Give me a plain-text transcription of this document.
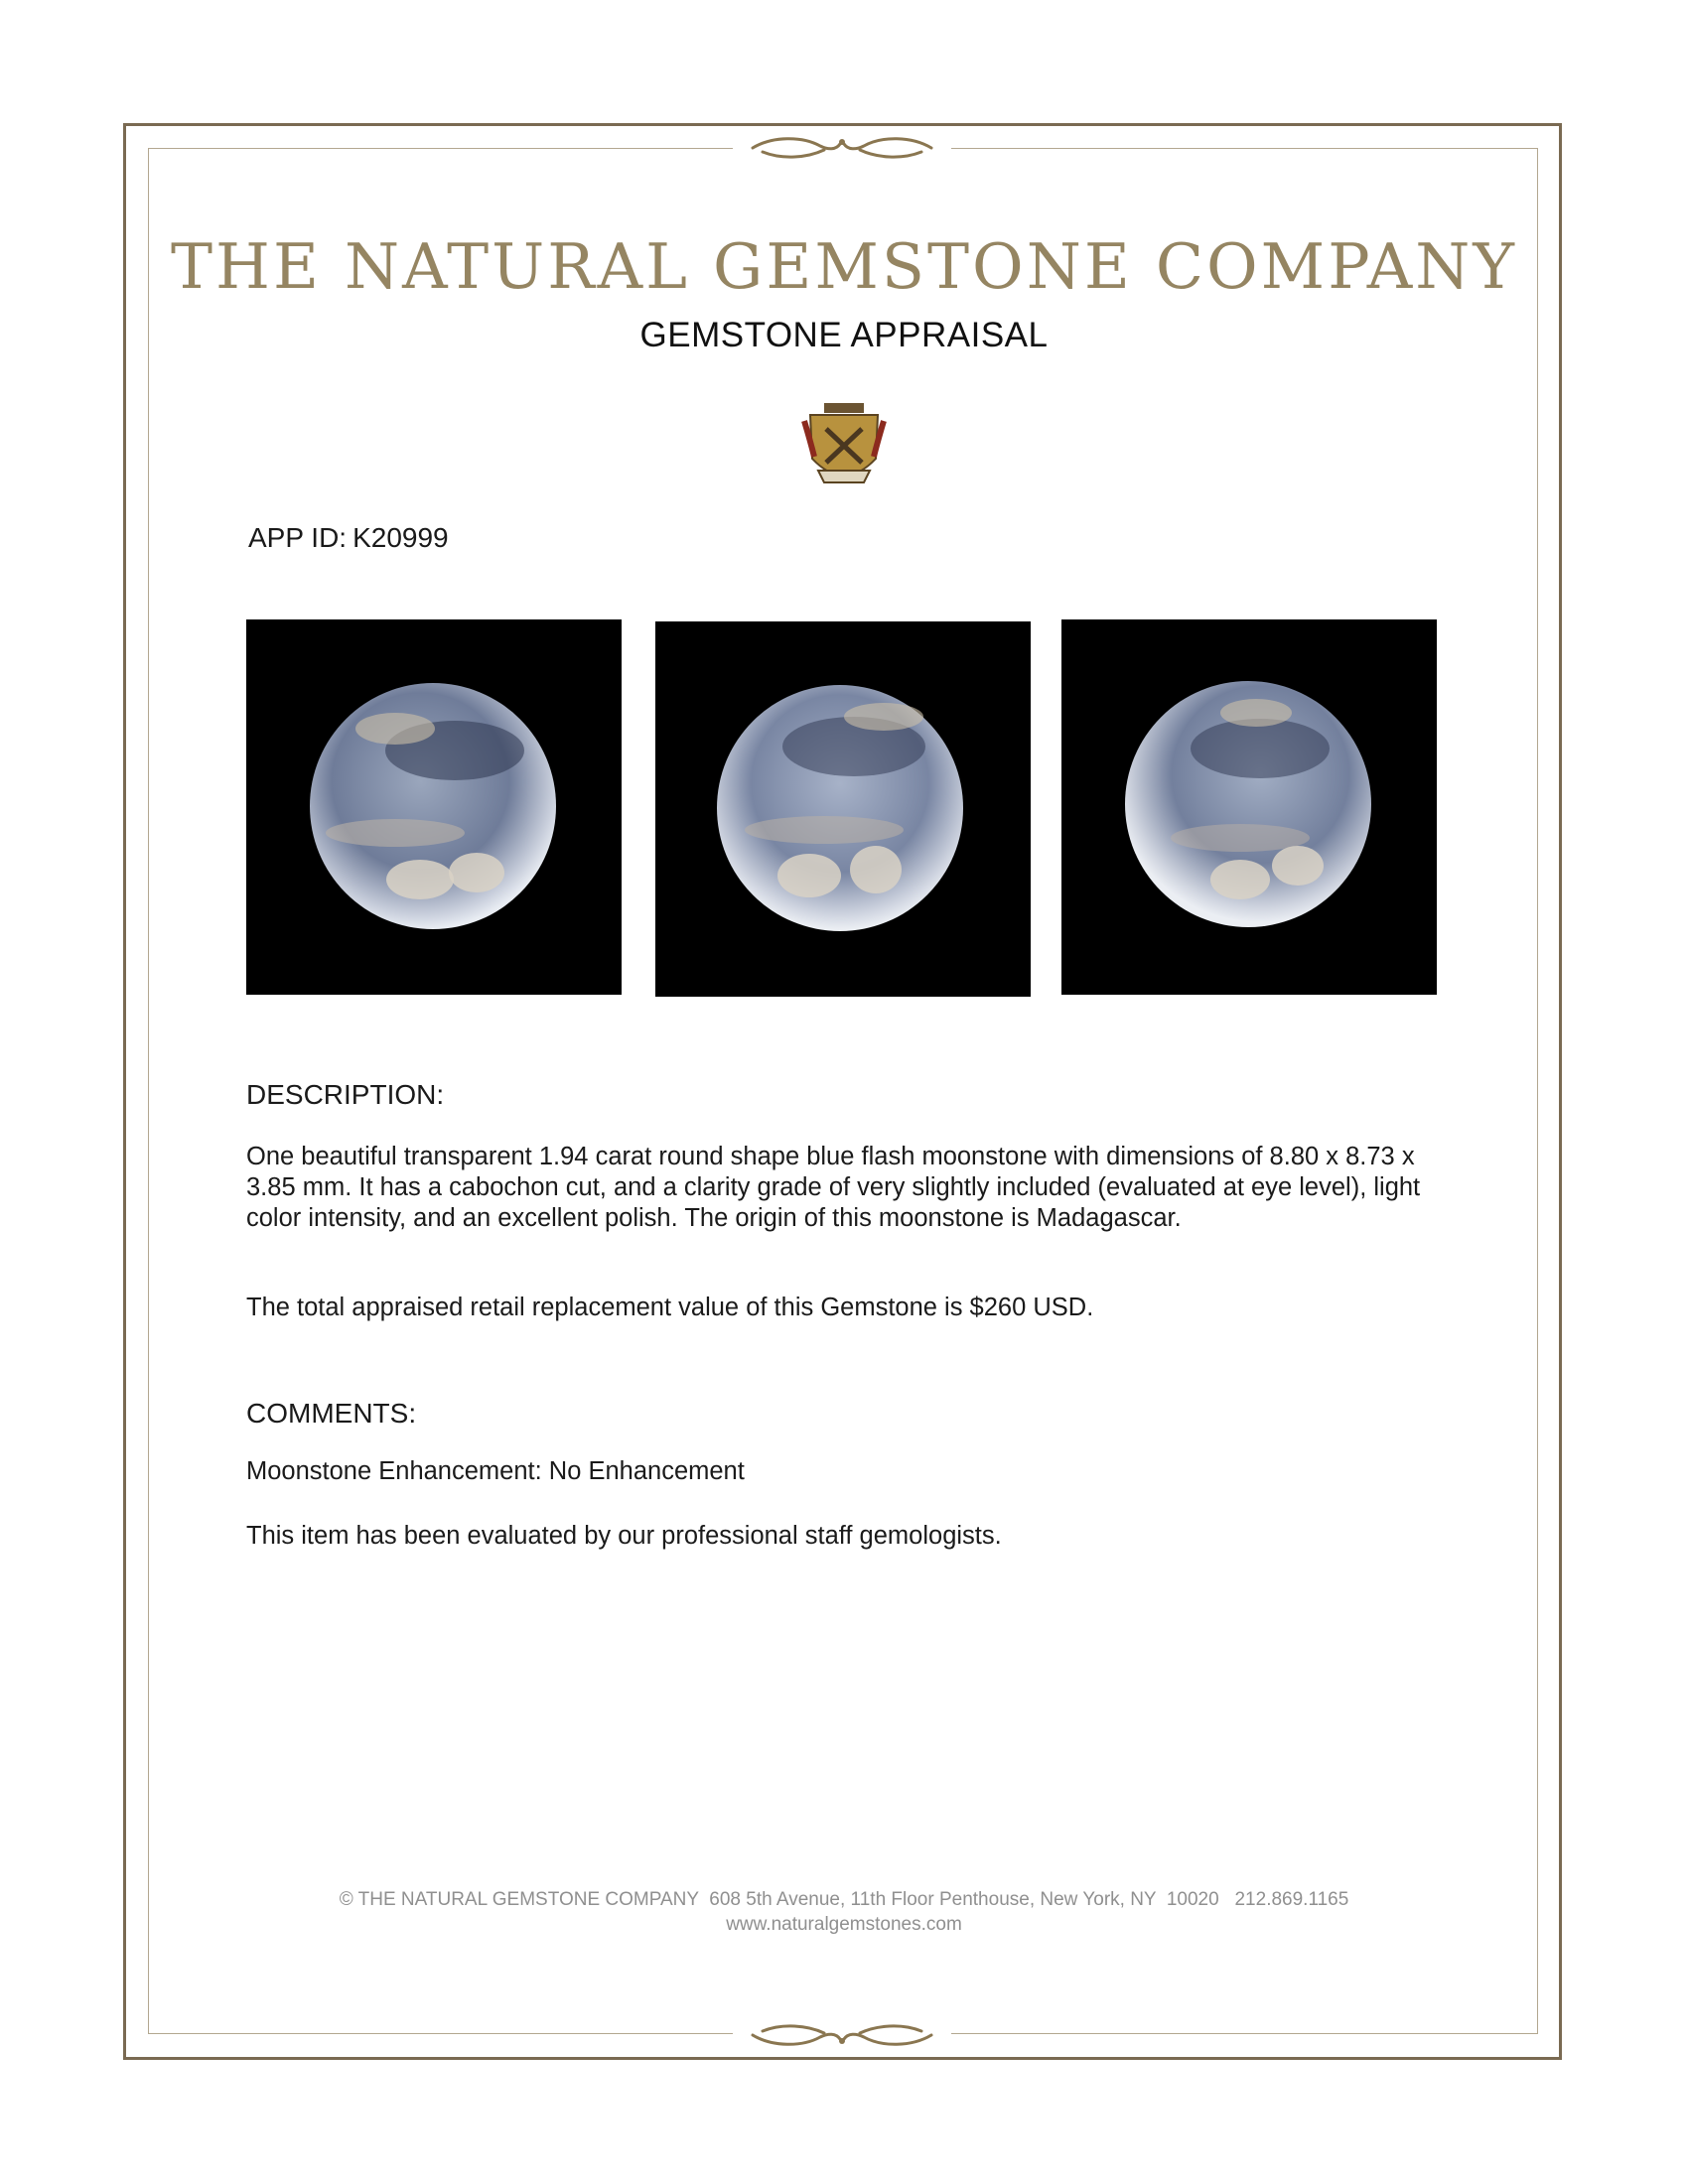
THE NATURAL GEMSTONE COMPANY
GEMSTONE APPRAISAL
APP ID: K20999
DESCRIPTION:
One beautiful transparent 1.94 carat round shape blue flash moonstone with dimensions of 8.80 x 8.73 x 3.85 mm. It has a cabochon cut, and a clarity grade of very slightly included (evaluated at eye level), light color intensity, and an excellent polish. The origin of this moonstone is Madagascar.
The total appraised retail replacement value of this Gemstone is $260 USD.
COMMENTS:
Moonstone Enhancement: No Enhancement
This item has been evaluated by our professional staff gemologists.
© THE NATURAL GEMSTONE COMPANY  608 5th Avenue, 11th Floor Penthouse, New York, NY  10020   212.869.1165
www.naturalgemstones.com
